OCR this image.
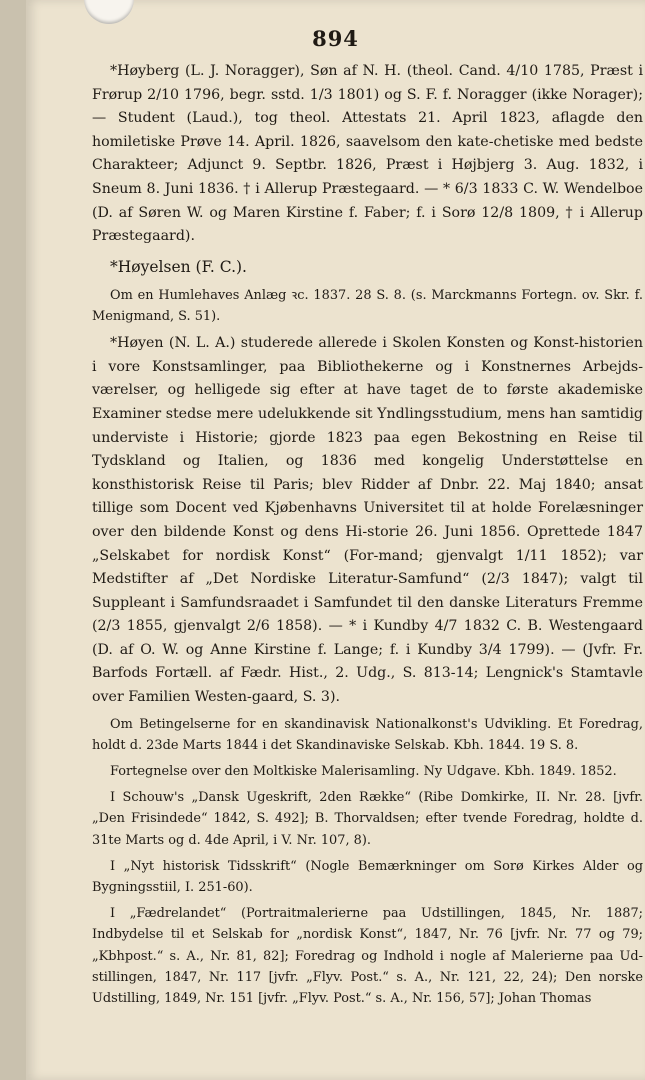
894

*Høyberg (L. J. Noragger), Søn af N. H. (theol. Cand. 4/10 1785, Præst i Frørup 2/10 1796, begr. sstd. 1/3 1801) og S. F. f. Noragger (ikke Norager); — Student (Laud.), tog theol. Attestats 21. April 1823, aflagde den homiletiske Prøve 14. April. 1826, saavelsom den kate-chetiske med bedste Charakteer; Adjunct 9. Septbr. 1826, Præst i Højbjerg 3. Aug. 1832, i Sneum 8. Juni 1836. † i Allerup Præstegaard. — * 6/3 1833 C. W. Wendelboe (D. af Søren W. og Maren Kirstine f. Faber; f. i Sorø 12/8 1809, † i Allerup Præstegaard).

*Høyelsen (F. C.).

Om en Humlehaves Anlæg ꝛc. 1837. 28 S. 8. (s. Marckmanns Fortegn. ov. Skr. f. Menigmand, S. 51).

*Høyen (N. L. A.) studerede allerede i Skolen Konsten og Konst-historien i vore Konstsamlinger, paa Bibliothekerne og i Konstnernes Arbejds-værelser, og helligede sig efter at have taget de to første akademiske Examiner stedse mere udelukkende sit Yndlingsstudium, mens han samtidig underviste i Historie; gjorde 1823 paa egen Bekostning en Reise til Tydskland og Italien, og 1836 med kongelig Understøttelse en konsthistorisk Reise til Paris; blev Ridder af Dnbr. 22. Maj 1840; ansat tillige som Docent ved Kjøbenhavns Universitet til at holde Forelæsninger over den bildende Konst og dens Hi-storie 26. Juni 1856. Oprettede 1847 „Selskabet for nordisk Konst“ (For-mand; gjenvalgt 1/11 1852); var Medstifter af „Det Nordiske Literatur-Samfund“ (2/3 1847); valgt til Suppleant i Samfundsraadet i Samfundet til den danske Literaturs Fremme (2/3 1855, gjenvalgt 2/6 1858). — * i Kundby 4/7 1832 C. B. Westengaard (D. af O. W. og Anne Kirstine f. Lange; f. i Kundby 3/4 1799). — (Jvfr. Fr. Barfods Fortæll. af Fædr. Hist., 2. Udg., S. 813-14; Lengnick's Stamtavle over Familien Westen-gaard, S. 3).

Om Betingelserne for en skandinavisk Nationalkonst's Udvikling. Et Foredrag, holdt d. 23de Marts 1844 i det Skandinaviske Selskab. Kbh. 1844. 19 S. 8.

Fortegnelse over den Moltkiske Malerisamling. Ny Udgave. Kbh. 1849. 1852.

I Schouw's „Dansk Ugeskrift, 2den Række“ (Ribe Domkirke, II. Nr. 28. [jvfr. „Den Frisindede“ 1842, S. 492]; B. Thorvaldsen; efter tvende Foredrag, holdte d. 31te Marts og d. 4de April, i V. Nr. 107, 8).

I „Nyt historisk Tidsskrift“ (Nogle Bemærkninger om Sorø Kirkes Alder og Bygningsstiil, I. 251-60).

I „Fædrelandet“ (Portraitmalerierne paa Udstillingen, 1845, Nr. 1887; Indbydelse til et Selskab for „nordisk Konst“, 1847, Nr. 76 [jvfr. Nr. 77 og 79; „Kbhpost.“ s. A., Nr. 81, 82]; Foredrag og Indhold i nogle af Malerierne paa Ud-stillingen, 1847, Nr. 117 [jvfr. „Flyv. Post.“ s. A., Nr. 121, 22, 24); Den norske Udstilling, 1849, Nr. 151 [jvfr. „Flyv. Post.“ s. A., Nr. 156, 57]; Johan Thomas
